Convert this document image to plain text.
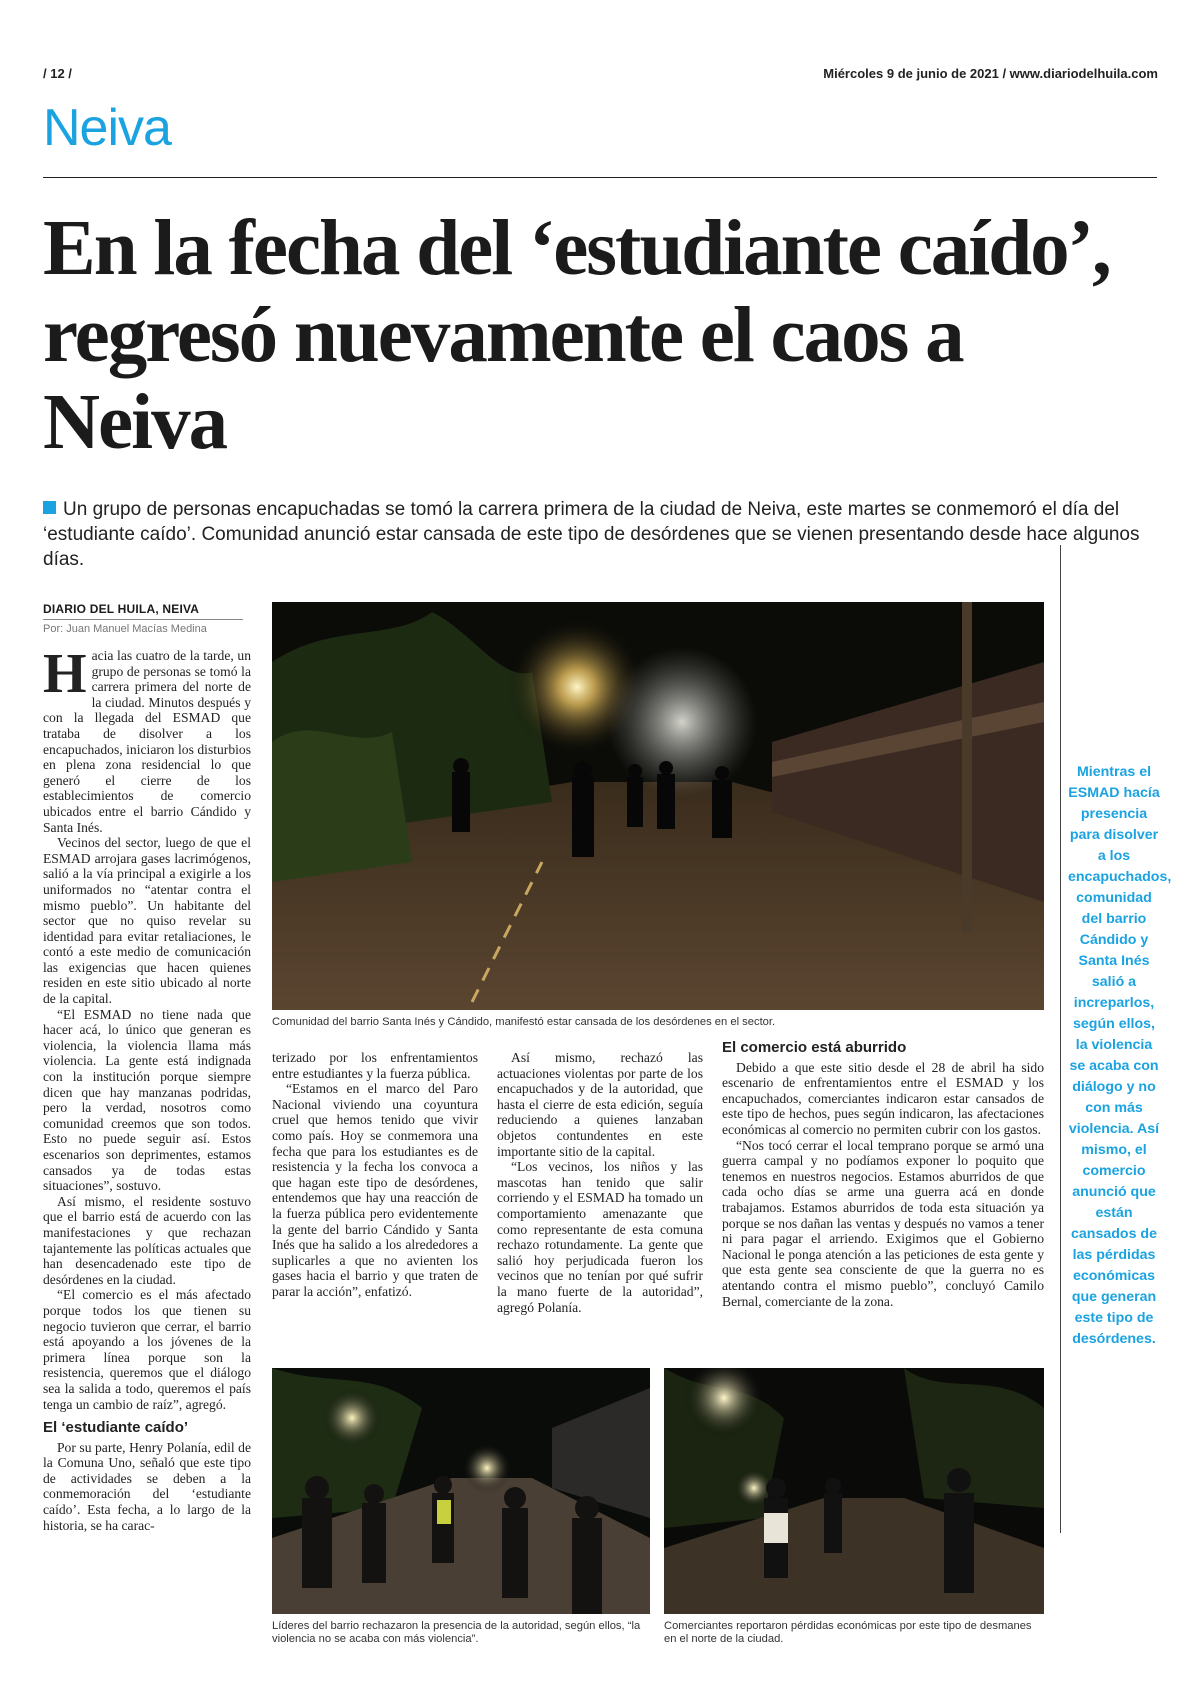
/ 12 /	Miércoles 9 de junio de 2021 / www.diariodelhuila.com
Neiva
En la fecha del ‘estudiante caído’, regresó nuevamente el caos a Neiva

Un grupo de personas encapuchadas se tomó la carrera primera de la ciudad de Neiva, este martes se conmemoró el día del ‘estudiante caído’. Comunidad anunció estar cansada de este tipo de desórdenes que se vienen presentando desde hace algunos días.

DIARIO DEL HUILA, NEIVA
Por: Juan Manuel Macías Medina
Comunidad del barrio Santa Inés y Cándido, manifestó estar cansada de los desórdenes en el sector.
H acia las cuatro de la tarde, un grupo de personas se tomó la carrera primera del norte de la ciudad. Minutos después y con la llegada del ESMAD que trataba de disolver a los encapuchados, iniciaron los disturbios en plena zona residencial lo que generó el cierre de los establecimientos de comercio ubicados entre el barrio Cándido y Santa Inés.

Vecinos del sector, luego de que el ESMAD arrojara gases lacrimógenos, salió a la vía principal a exigirle a los uniformados no “atentar contra el mismo pueblo”. Un habitante del sector que no quiso revelar su identidad para evitar retaliaciones, le contó a este medio de comunicación las exigencias que hacen quienes residen en este sitio ubicado al norte de la capital.

“El ESMAD no tiene nada que hacer acá, lo único que generan es violencia, la violencia llama más violencia. La gente está indignada con la institución porque siempre dicen que hay manzanas podridas, pero la verdad, nosotros como comunidad creemos que son todos. Esto no puede seguir así. Estos escenarios son deprimentes, estamos cansados ya de todas estas situaciones”, sostuvo.

Así mismo, el residente sostuvo que el barrio está de acuerdo con las manifestaciones y que rechazan tajantemente las políticas actuales que han desencadenado este tipo de desórdenes en la ciudad.

“El comercio es el más afectado porque todos los que tienen su negocio tuvieron que cerrar, el barrio está apoyando a los jóvenes de la primera línea porque son la resistencia, queremos que el diálogo sea la salida a todo, queremos el país tenga un cambio de raíz”, agregó.

El ‘estudiante caído’

Por su parte, Henry Polanía, edil de la Comuna Uno, señaló que este tipo de actividades se deben a la conmemoración del ‘estudiante caído’. Esta fecha, a lo largo de la historia, se ha carac-

terizado por los enfrentamientos entre estudiantes y la fuerza pública.

“Estamos en el marco del Paro Nacional viviendo una coyuntura cruel que hemos tenido que vivir como país. Hoy se conmemora una fecha que para los estudiantes es de resistencia y la fecha los convoca a que hagan este tipo de desórdenes, entendemos que hay una reacción de la fuerza pública pero evidentemente la gente del barrio Cándido y Santa Inés que ha salido a los alrededores a suplicarles a que no avienten los gases hacia el barrio y que traten de parar la acción”, enfatizó.

Así mismo, rechazó las actuaciones violentas por parte de los encapuchados y de la autoridad, que hasta el cierre de esta edición, seguía reduciendo a quienes lanzaban objetos contundentes en este importante sitio de la capital.

“Los vecinos, los niños y las mascotas han tenido que salir corriendo y el ESMAD ha tomado un comportamiento amenazante que como representante de esta comuna rechazo rotundamente. La gente que salió hoy perjudicada fueron los vecinos que no tenían por qué sufrir la mano fuerte de la autoridad”, agregó Polanía.

El comercio está aburrido

Debido a que este sitio desde el 28 de abril ha sido escenario de enfrentamientos entre el ESMAD y los encapuchados, comerciantes indicaron estar cansados de este tipo de hechos, pues según indicaron, las afectaciones económicas al comercio no permiten cubrir con los gastos.

“Nos tocó cerrar el local temprano porque se armó una guerra campal y no podíamos exponer lo poquito que tenemos en nuestros negocios. Estamos aburridos de que cada ocho días se arme una guerra acá en donde trabajamos. Estamos aburridos de toda esta situación ya porque se nos dañan las ventas y después no vamos a tener ni para pagar el arriendo. Exigimos que el Gobierno Nacional le ponga atención a las peticiones de esta gente y que esta gente sea consciente de que la guerra no es atentando contra el mismo pueblo”, concluyó Camilo Bernal, comerciante de la zona.

Líderes del barrio rechazaron la presencia de la autoridad, según ellos, “la violencia no se acaba con más violencia”.
Comerciantes reportaron pérdidas económicas por este tipo de desmanes en el norte de la ciudad.
Mientras el ESMAD hacía presencia para disolver a los encapuchados, comunidad del barrio Cándido y Santa Inés salió a increparlos, según ellos, la violencia se acaba con diálogo y no con más violencia. Así mismo, el comercio anunció que están cansados de las pérdidas económicas que generan este tipo de desórdenes.
